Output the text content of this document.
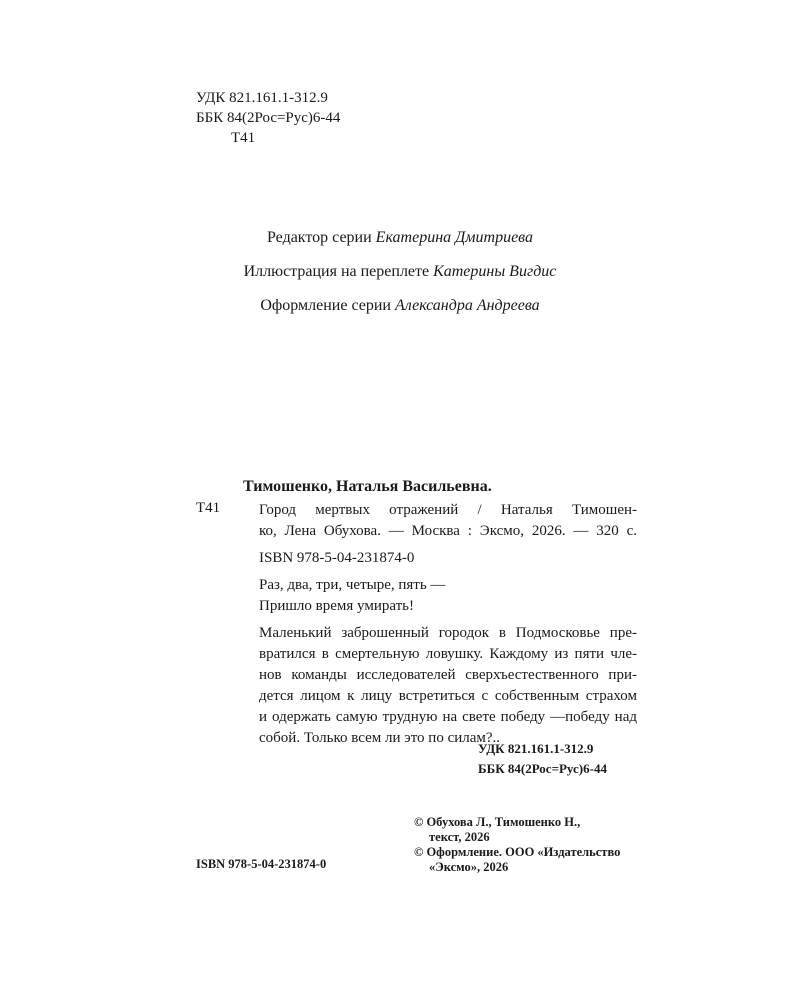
УДК 821.161.1-312.9
ББК 84(2Рос=Рус)6-44
Т41
Редактор серии Екатерина Дмитриева
Иллюстрация на переплете Катерины Вигдис
Оформление серии Александра Андреева
Тимошенко, Наталья Васильевна.
Т41	Город мертвых отражений / Наталья Тимошен-
ко, Лена Обухова. — Москва : Эксмо, 2026. — 320 с.
ISBN 978-5-04-231874-0
Раз, два, три, четыре, пять —
Пришло время умирать!
Маленький заброшенный городок в Подмосковье пре-
вратился в смертельную ловушку. Каждому из пяти чле-
нов команды исследователей сверхъестественного при-
дется лицом к лицу встретиться с собственным страхом
и одержать самую трудную на свете победу —победу над
собой. Только всем ли это по силам?..
УДК 821.161.1-312.9
ББК 84(2Рос=Рус)6-44
© Обухова Л., Тимошенко Н.,
текст, 2026
© Оформление. ООО «Издательство
«Эксмо», 2026
ISBN 978-5-04-231874-0
